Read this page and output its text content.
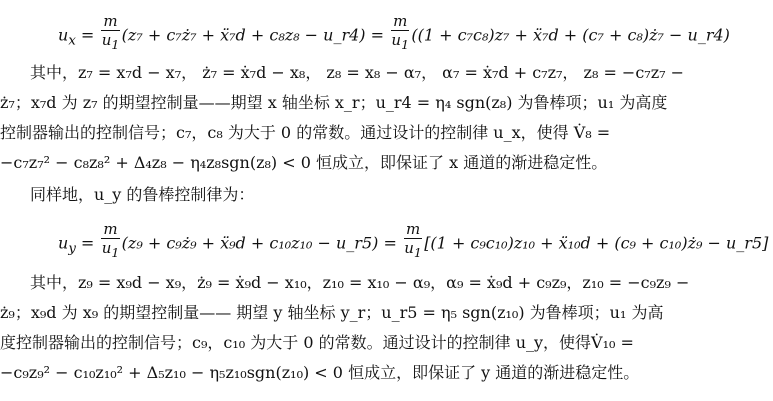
$u_x = \frac{m}{u_1} (z_7$ + c₇ż₇ + ẍ₇d + c₈z₈ − u_r4) = $\frac{m}{u_1} ((1 + c_7c_8)z_7$ + ẍ₇d + (c₇ + c₈)ż₇ − u_r4)
其中，z₇ = x₇d − x₇， ż₇ = ẋ₇d − x₈， z₈ = x₈ − α₇， α₇ = ẋ₇d + c₇z₇， z₈ = −c₇z₇ −
ż₇；x₇d 为 z₇ 的期望控制量——期望 x 轴坐标 x_r；u_r4 = η₄ sgn(z₈) 为鲁棒项；u₁ 为高度
控制器输出的控制信号；c₇，c₈ 为大于 0 的常数。通过设计的控制律 u_x，使得 V̇₈ =
−c₇z₇² − c₈z₈² + Δ₄z₈ − η₄z₈sgn(z₈) < 0 恒成立，即保证了 x 通道的渐进稳定性。
同样地，u_y 的鲁棒控制律为：
$u_y = \frac{m}{u_1} (z_9$ + c₉ż₉ + ẍ₉d + c₁₀z₁₀ − u_r5) = $\frac{m}{u_1} [(1 + c_9c_{10})z_{10}$ + ẍ₁₀d + (c₉ + c₁₀)ż₉ − u_r5]
其中，z₉ = x₉d − x₉，ż₉ = ẋ₉d − x₁₀，z₁₀ = x₁₀ − α₉，α₉ = ẋ₉d + c₉z₉，z₁₀ = −c₉z₉ −
ż₉；x₉d 为 x₉ 的期望控制量—— 期望 y 轴坐标 y_r；u_r5 = η₅ sgn(z₁₀) 为鲁棒项；u₁ 为高
度控制器输出的控制信号；c₉，c₁₀ 为大于 0 的常数。通过设计的控制律 u_y，使得V̇₁₀ =
−c₉z₉² − c₁₀z₁₀² + Δ₅z₁₀ − η₅z₁₀sgn(z₁₀) < 0 恒成立，即保证了 y 通道的渐进稳定性。
